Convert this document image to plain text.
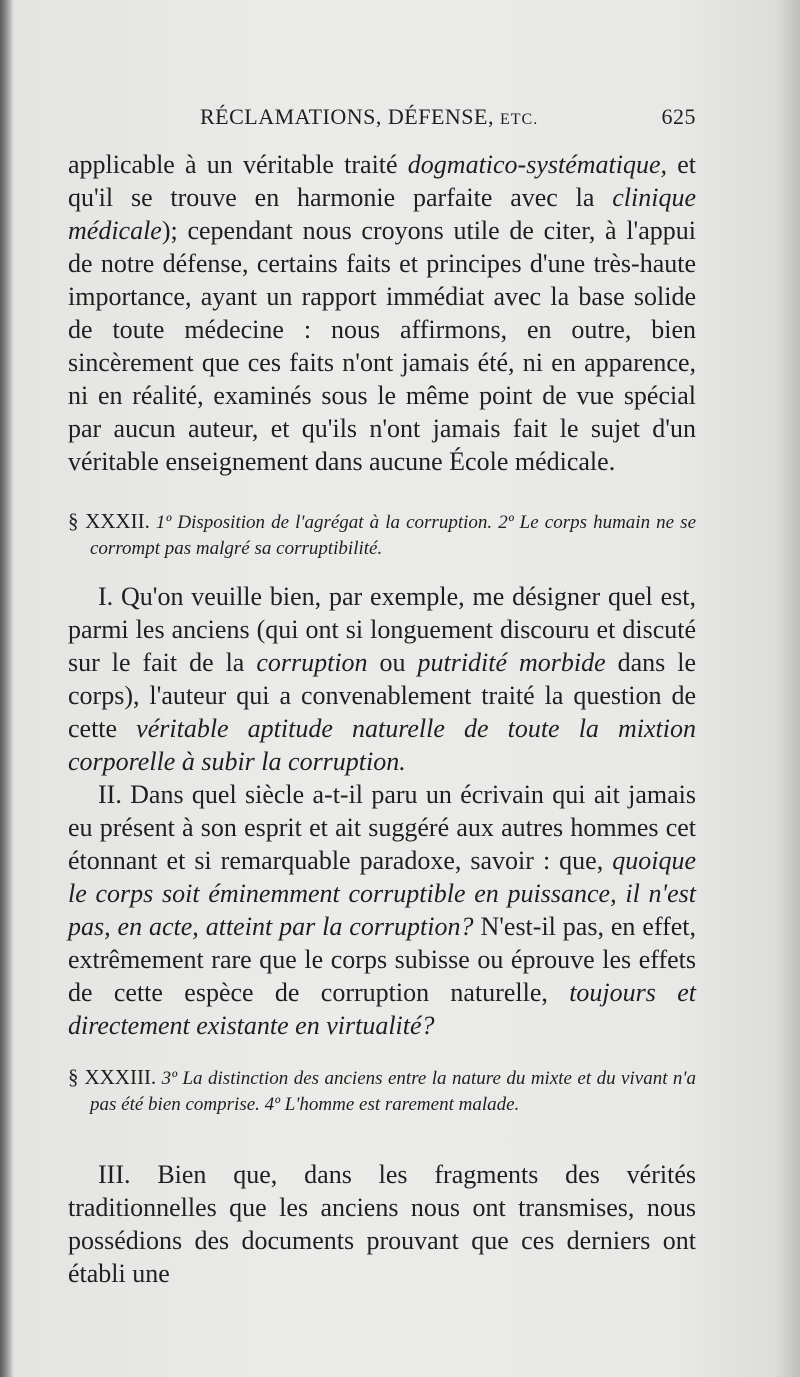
RÉCLAMATIONS, DÉFENSE, ETC.	625

applicable à un véritable traité dogmatico-systématique, et qu'il se trouve en harmonie parfaite avec la clinique médicale); cependant nous croyons utile de citer, à l'appui de notre défense, certains faits et principes d'une très-haute importance, ayant un rapport immédiat avec la base solide de toute médecine : nous affirmons, en outre, bien sincèrement que ces faits n'ont jamais été, ni en apparence, ni en réalité, examinés sous le même point de vue spécial par aucun auteur, et qu'ils n'ont jamais fait le sujet d'un véritable enseignement dans aucune École médicale.

§ XXXII. 1º Disposition de l'agrégat à la corruption. 2º Le corps humain ne se corrompt pas malgré sa corruptibilité.

I. Qu'on veuille bien, par exemple, me désigner quel est, parmi les anciens (qui ont si longuement discouru et discuté sur le fait de la corruption ou putridité morbide dans le corps), l'auteur qui a convenablement traité la question de cette véritable aptitude naturelle de toute la mixtion corporelle à subir la corruption.

II. Dans quel siècle a-t-il paru un écrivain qui ait jamais eu présent à son esprit et ait suggéré aux autres hommes cet étonnant et si remarquable paradoxe, savoir : que, quoique le corps soit éminemment corruptible en puissance, il n'est pas, en acte, atteint par la corruption? N'est-il pas, en effet, extrêmement rare que le corps subisse ou éprouve les effets de cette espèce de corruption naturelle, toujours et directement existante en virtualité?

§ XXXIII. 3º La distinction des anciens entre la nature du mixte et du vivant n'a pas été bien comprise. 4º L'homme est rarement malade.

III. Bien que, dans les fragments des vérités traditionnelles que les anciens nous ont transmises, nous possédions des documents prouvant que ces derniers ont établi une
